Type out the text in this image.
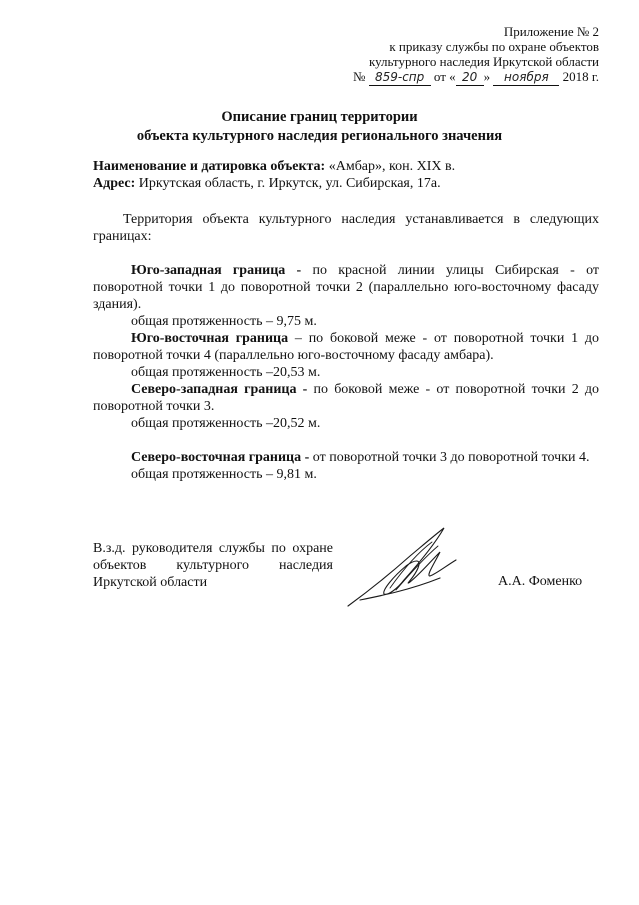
Приложение № 2
к приказу службы по охране объектов
культурного наследия Иркутской области
№ 859-спр от « 20 » ноября 2018 г.
Описание границ территории
объекта культурного наследия регионального значения
Наименование и датировка объекта: «Амбар», кон. XIX в.
Адрес: Иркутская область, г. Иркутск, ул. Сибирская, 17а.
Территория объекта культурного наследия устанавливается в следующих границах:

Юго-западная граница - по красной линии улицы Сибирская - от поворотной точки 1 до поворотной точки 2 (параллельно юго-восточному фасаду здания).

общая протяженность – 9,75 м.

Юго-восточная граница – по боковой меже - от поворотной точки 1 до поворотной точки 4 (параллельно юго-восточному фасаду амбара).

общая протяженность –20,53 м.

Северо-западная граница - по боковой меже - от поворотной точки 2 до поворотной точки 3.

общая протяженность –20,52 м.

Северо-восточная граница - от поворотной точки 3 до поворотной точки 4.

общая протяженность – 9,81 м.

В.з.д. руководителя службы по охране объектов культурного наследия Иркутской области	А.А. Фоменко
